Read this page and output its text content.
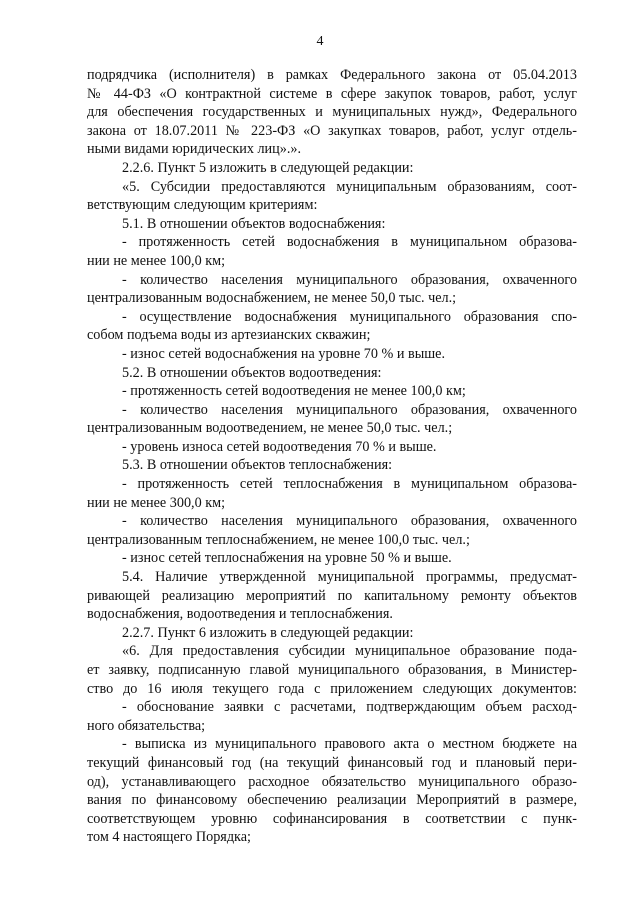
4
подрядчика (исполнителя) в рамках Федерального закона от 05.04.2013
№ 44-ФЗ «О контрактной системе в сфере закупок товаров, работ, услуг
для обеспечения государственных и муниципальных нужд», Федерального
закона от 18.07.2011 № 223-ФЗ «О закупках товаров, работ, услуг отдель-
ными видами юридических лиц».».
2.2.6. Пункт 5 изложить в следующей редакции:
«5. Субсидии предоставляются муниципальным образованиям, соот-
ветствующим следующим критериям:
5.1. В отношении объектов водоснабжения:
- протяженность сетей водоснабжения в муниципальном образова-
нии не менее 100,0 км;
- количество населения муниципального образования, охваченного
централизованным водоснабжением, не менее 50,0 тыс. чел.;
- осуществление водоснабжения муниципального образования спо-
собом подъема воды из артезианских скважин;
- износ сетей водоснабжения на уровне 70 % и выше.
5.2. В отношении объектов водоотведения:
- протяженность сетей водоотведения не менее 100,0 км;
- количество населения муниципального образования, охваченного
централизованным водоотведением, не менее 50,0 тыс. чел.;
- уровень износа сетей водоотведения 70 % и выше.
5.3. В отношении объектов теплоснабжения:
- протяженность сетей теплоснабжения в муниципальном образова-
нии не менее 300,0 км;
- количество населения муниципального образования, охваченного
централизованным теплоснабжением, не менее 100,0 тыс. чел.;
- износ сетей теплоснабжения на уровне 50 % и выше.
5.4. Наличие утвержденной муниципальной программы, предусмат-
ривающей реализацию мероприятий по капитальному ремонту объектов
водоснабжения, водоотведения и теплоснабжения.
2.2.7. Пункт 6 изложить в следующей редакции:
«6. Для предоставления субсидии муниципальное образование пода-
ет заявку, подписанную главой муниципального образования, в Министер-
ство до 16 июля текущего года с приложением следующих документов:
- обоснование заявки с расчетами, подтверждающим объем расход-
ного обязательства;
- выписка из муниципального правового акта о местном бюджете на
текущий финансовый год (на текущий финансовый год и плановый пери-
од), устанавливающего расходное обязательство муниципального образо-
вания по финансовому обеспечению реализации Мероприятий в размере,
соответствующем уровню софинансирования в соответствии с пунк-
том 4 настоящего Порядка;
